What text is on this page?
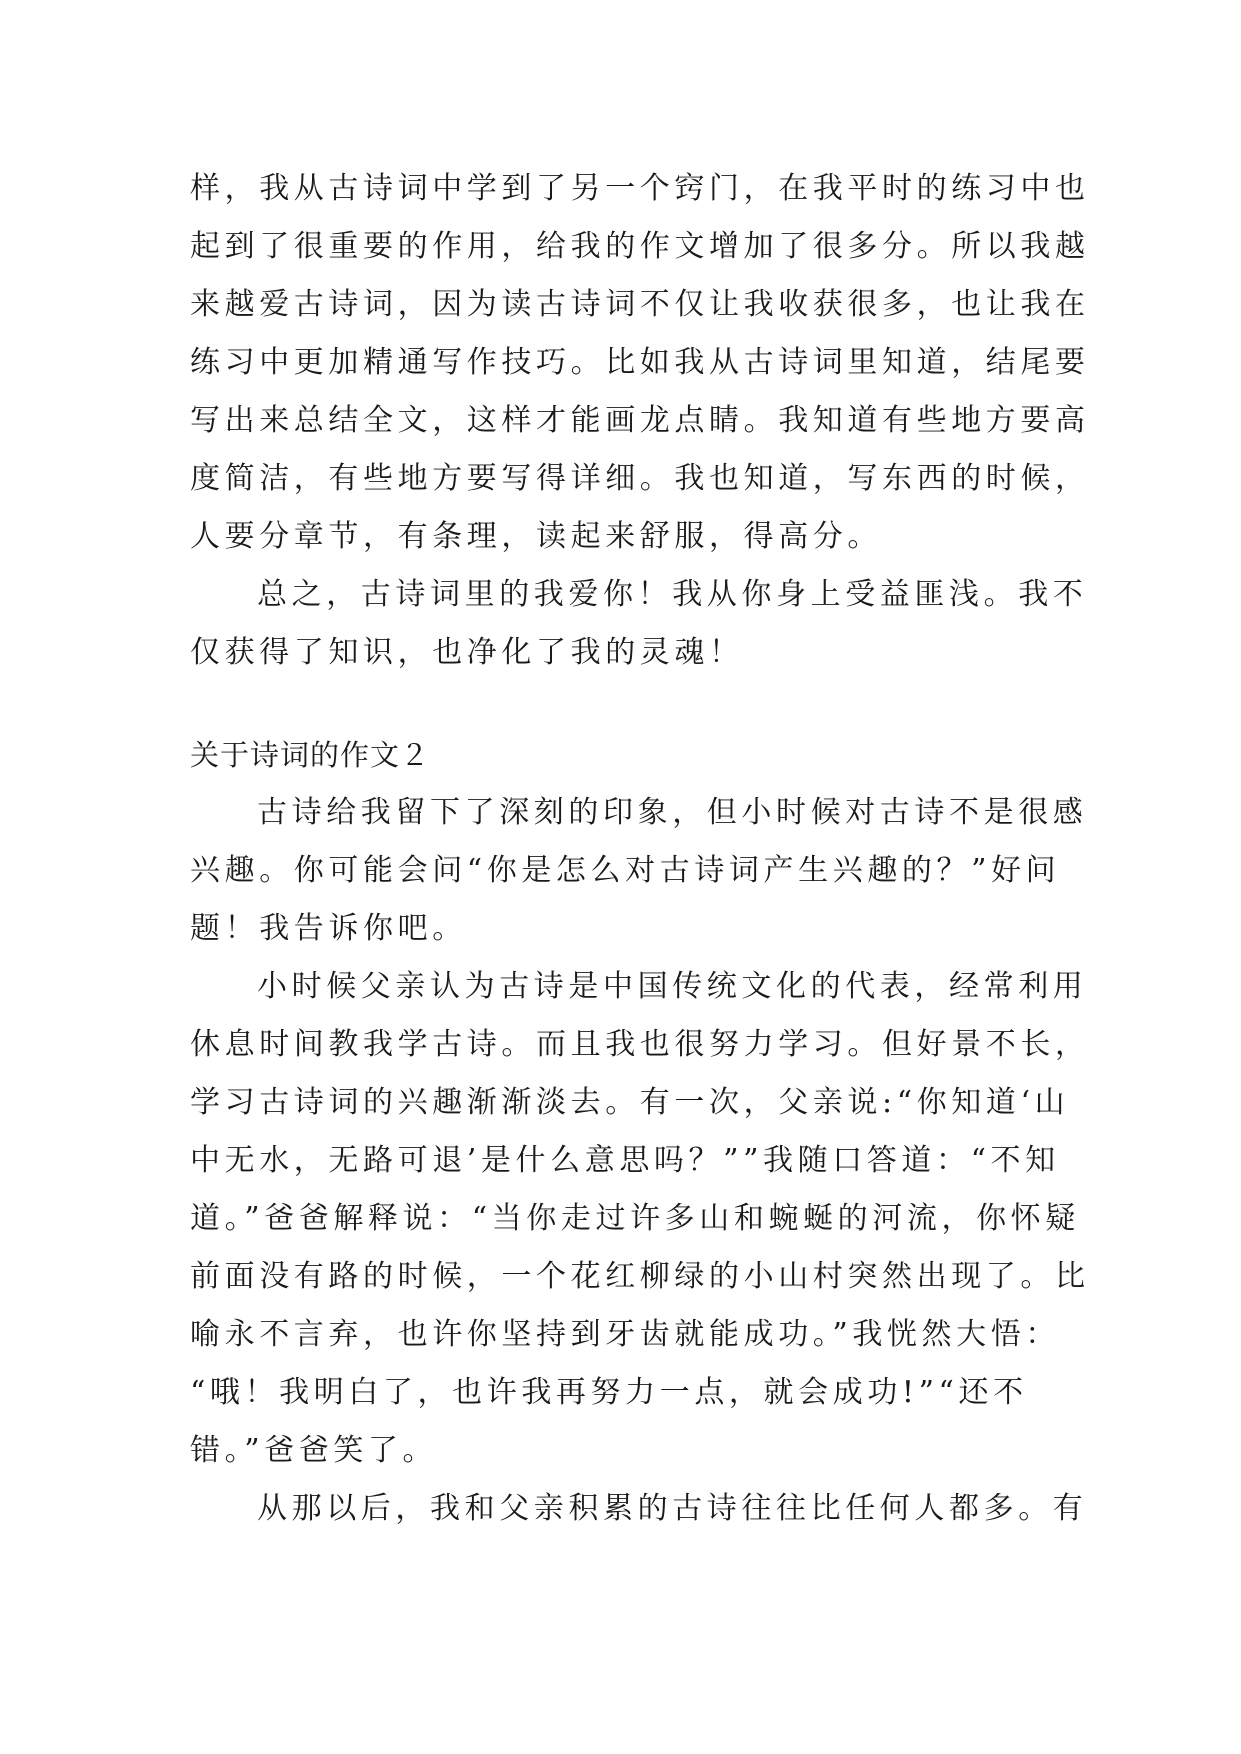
样，我从古诗词中学到了另一个窍门，在我平时的练习中也
起到了很重要的作用，给我的作文增加了很多分。所以我越
来越爱古诗词，因为读古诗词不仅让我收获很多，也让我在
练习中更加精通写作技巧。比如我从古诗词里知道，结尾要
写出来总结全文，这样才能画龙点睛。我知道有些地方要高
度简洁，有些地方要写得详细。我也知道，写东西的时候，
人要分章节，有条理，读起来舒服，得高分。
总之，古诗词里的我爱你！我从你身上受益匪浅。我不
仅获得了知识，也净化了我的灵魂！
关于诗词的作文２
古诗给我留下了深刻的印象，但小时候对古诗不是很感
兴趣。你可能会问“你是怎么对古诗词产生兴趣的？”好问
题！我告诉你吧。
小时候父亲认为古诗是中国传统文化的代表，经常利用
休息时间教我学古诗。而且我也很努力学习。但好景不长，
学习古诗词的兴趣渐渐淡去。有一次，父亲说:“你知道‘山
中无水，无路可退’是什么意思吗？””我随口答道：“不知
道。”爸爸解释说：“当你走过许多山和蜿蜒的河流，你怀疑
前面没有路的时候，一个花红柳绿的小山村突然出现了。比
喻永不言弃，也许你坚持到牙齿就能成功。”我恍然大悟：
“哦！我明白了，也许我再努力一点，就会成功!”“还不
错。”爸爸笑了。
从那以后，我和父亲积累的古诗往往比任何人都多。有
